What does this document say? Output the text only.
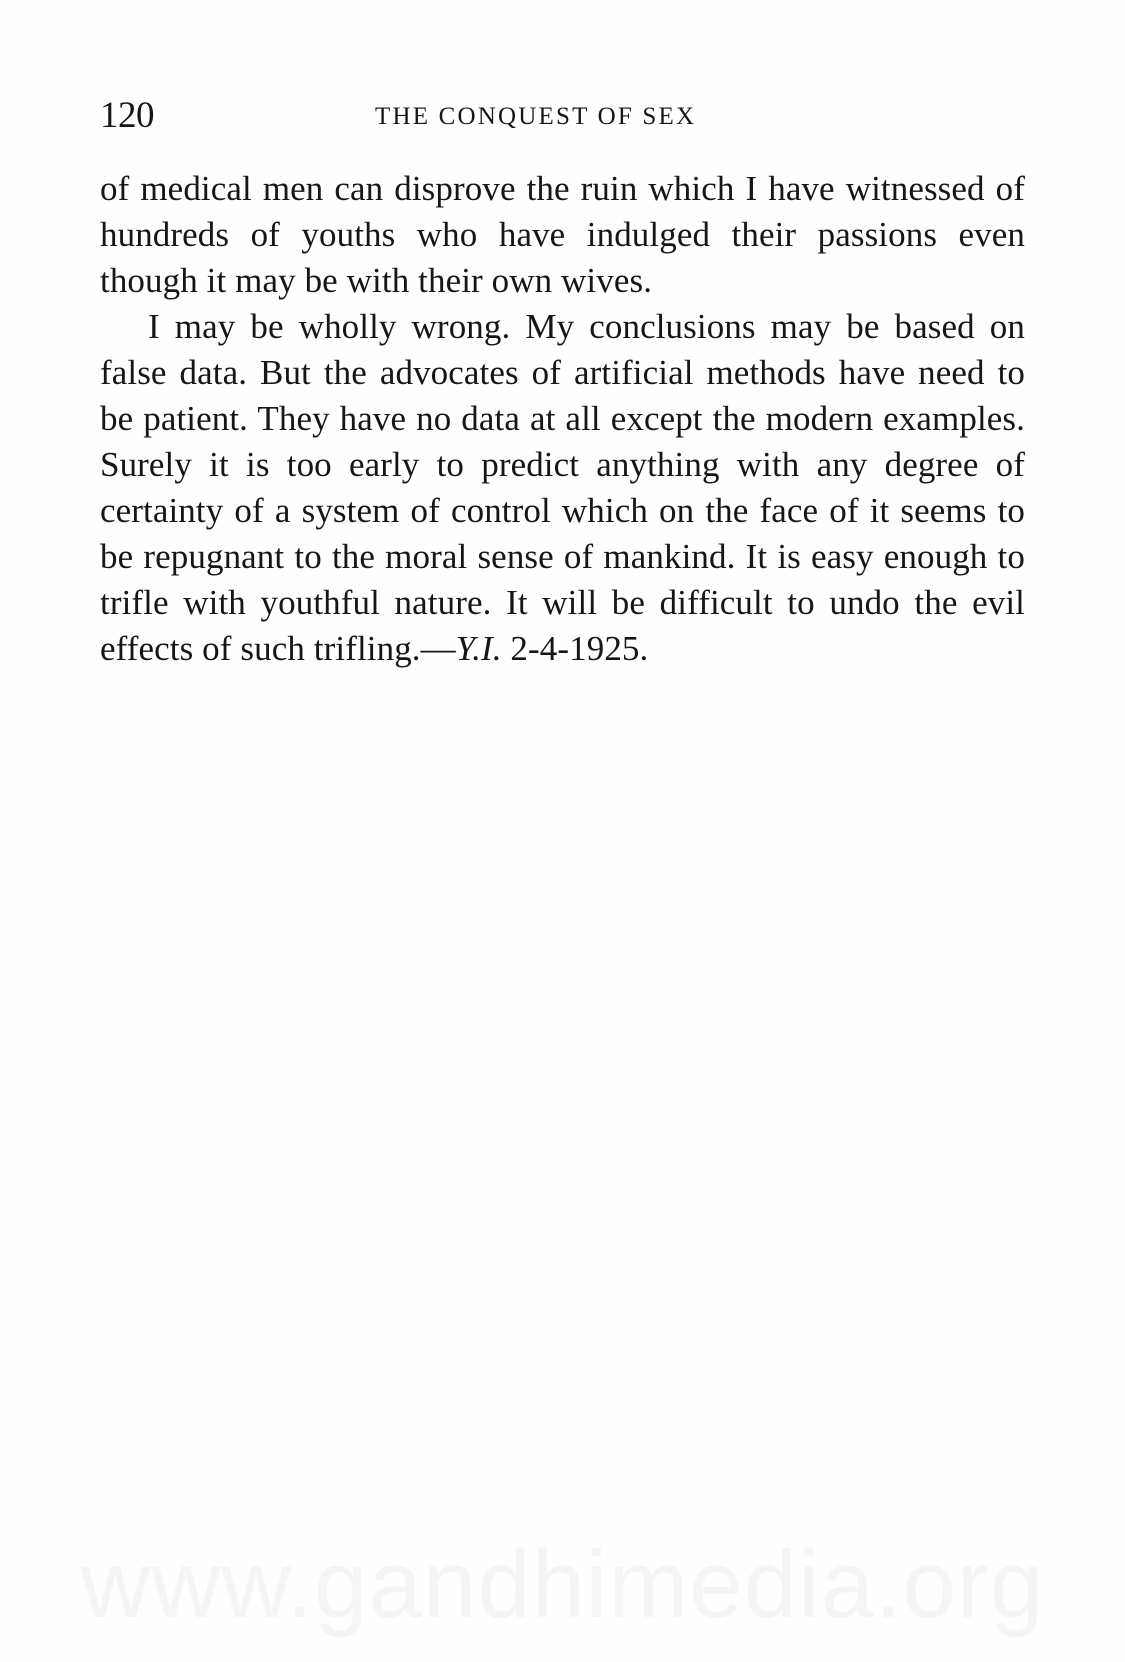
120	THE CONQUEST OF SEX

of medical men can disprove the ruin which I have witnessed of hundreds of youths who have indulged their passions even though it may be with their own wives.

I may be wholly wrong. My conclusions may be based on false data. But the advocates of artificial methods have need to be patient. They have no data at all except the modern examples. Surely it is too early to predict anything with any degree of certainty of a system of control which on the face of it seems to be repugnant to the moral sense of mankind. It is easy enough to trifle with youthful nature. It will be difficult to undo the evil effects of such trifling.—Y.I. 2-4-1925.

www.gandhimedia.org
